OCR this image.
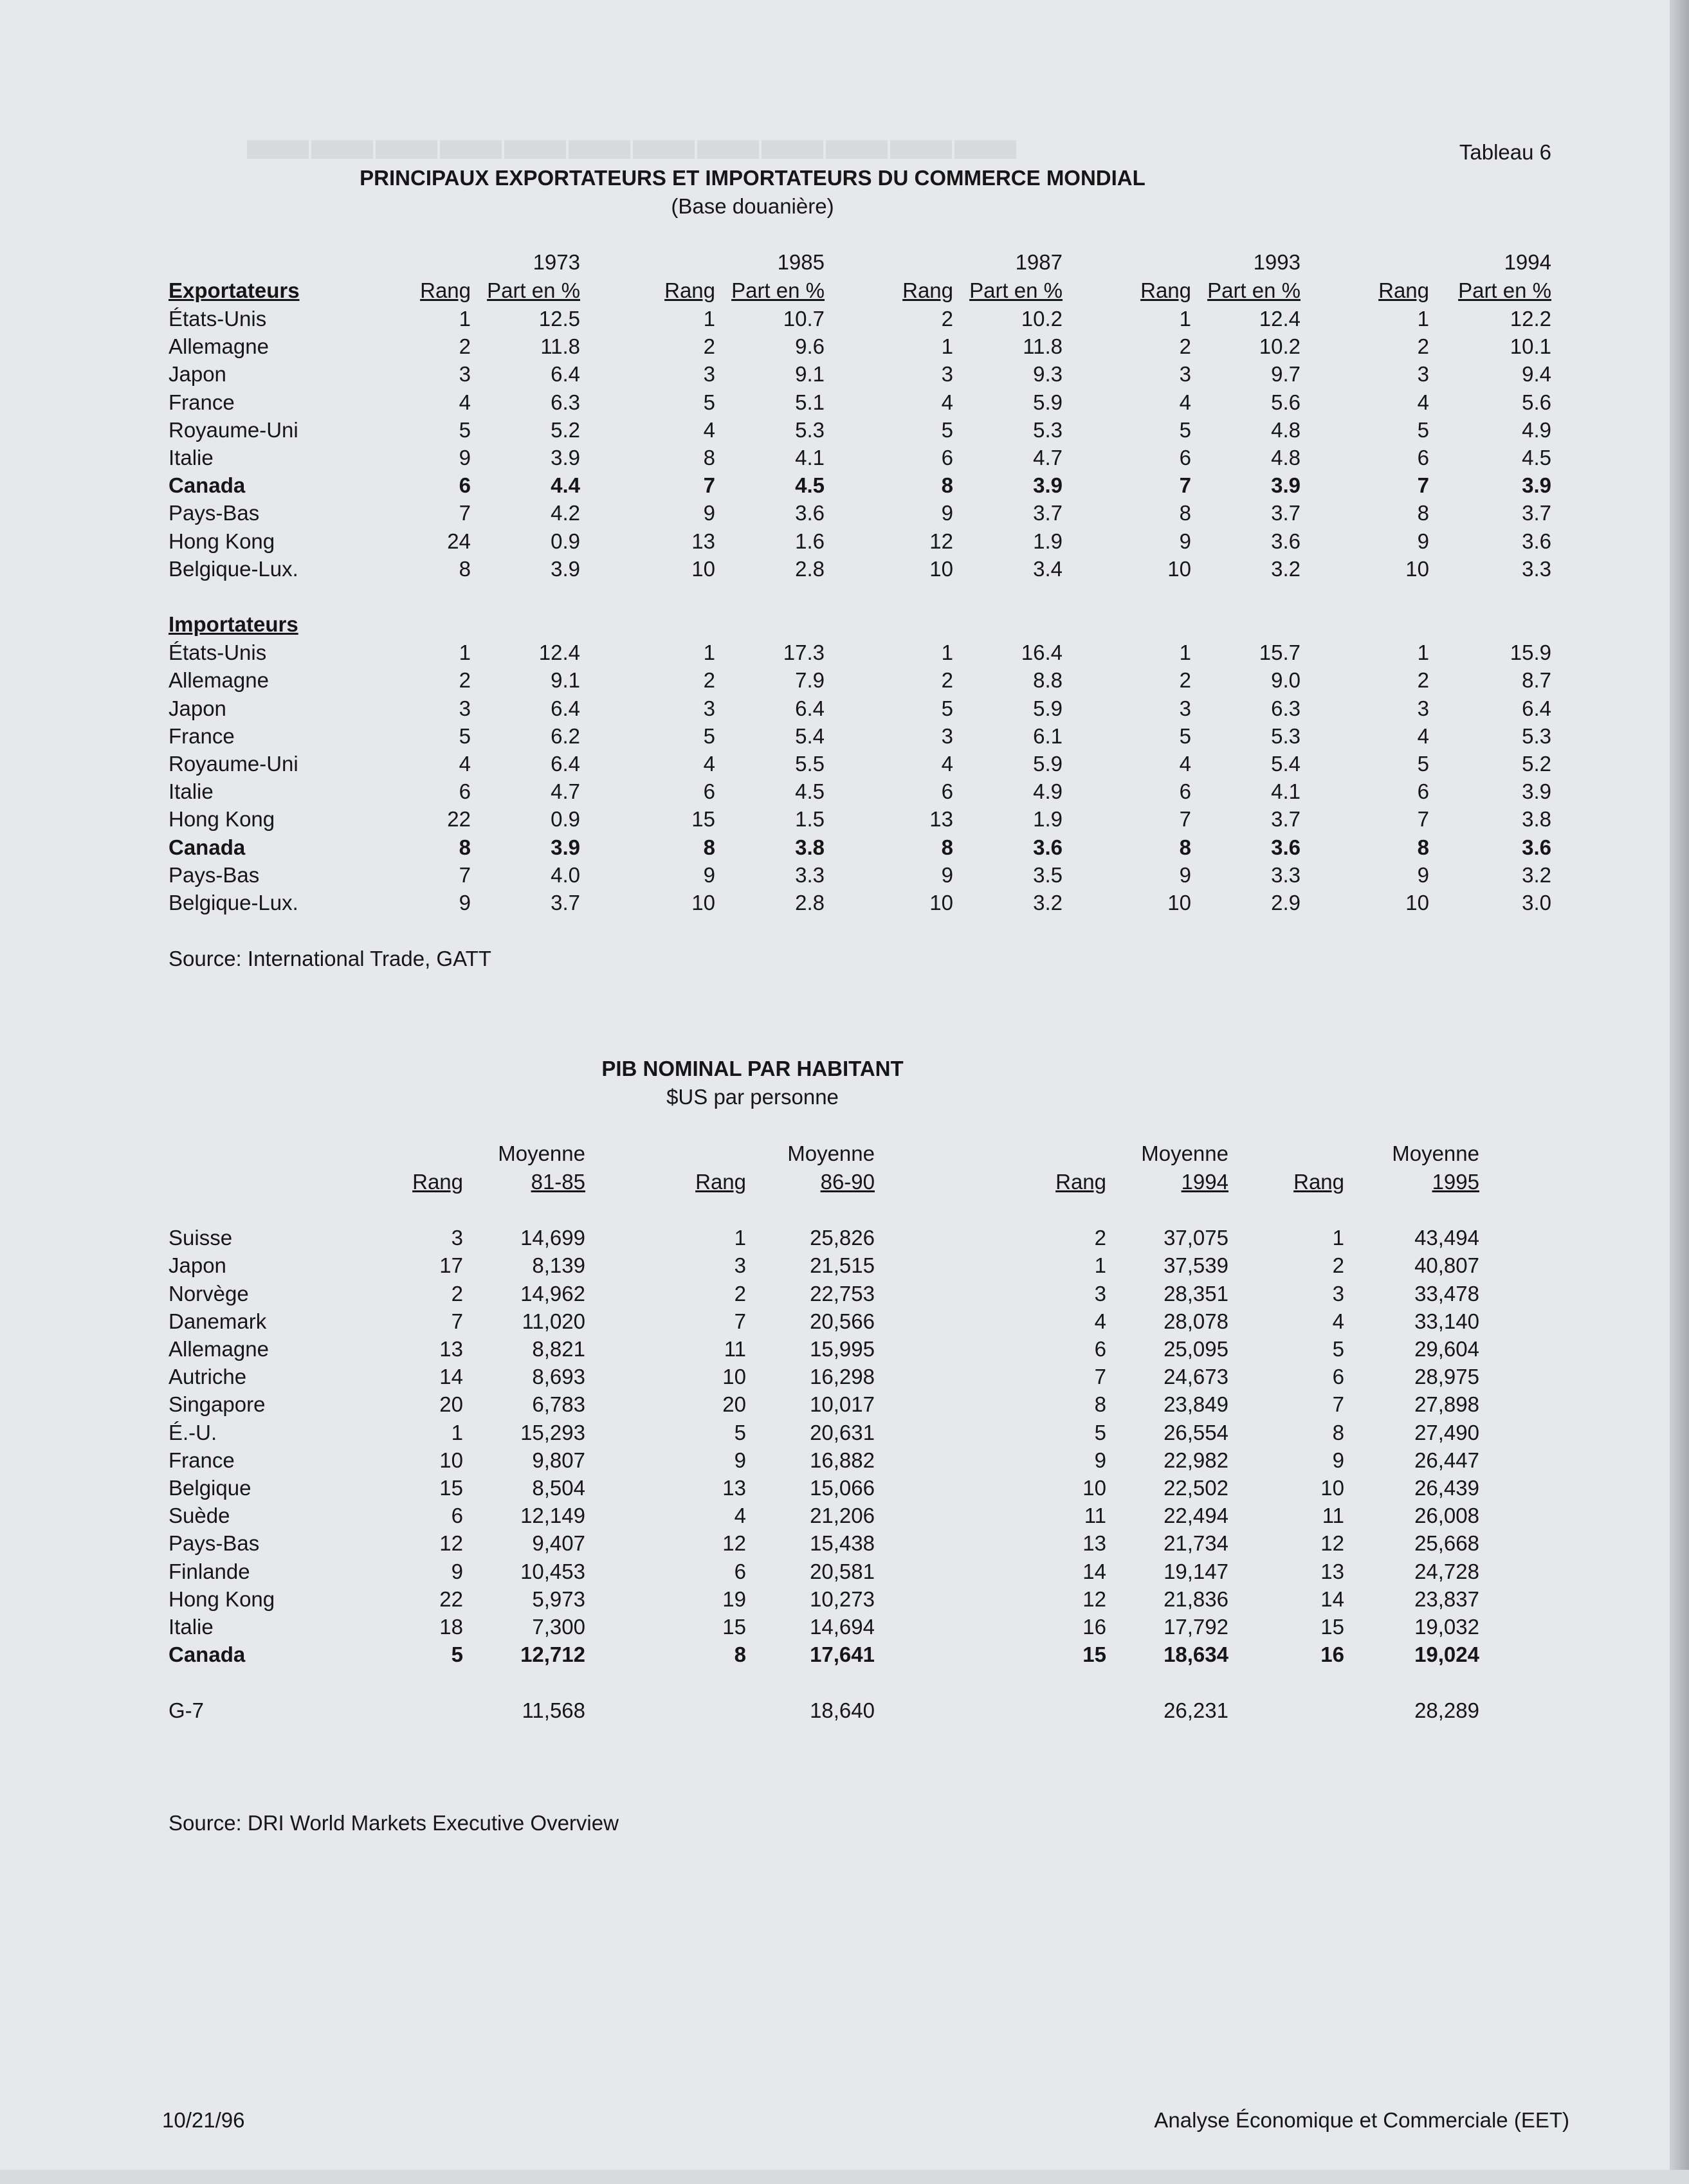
▬▬▬▬▬▬▬▬▬▬▬▬	Tableau 6
PRINCIPAUX EXPORTATEURS ET IMPORTATEURS DU COMMERCE MONDIAL
(Base douanière)
		1973		1985		1987		1993		1994
Exportateurs	Rang	Part en %	Rang	Part en %	Rang	Part en %	Rang	Part en %	Rang	Part en %
États-Unis	1	12.5	1	10.7	2	10.2	1	12.4	1	12.2
Allemagne	2	11.8	2	9.6	1	11.8	2	10.2	2	10.1
Japon	3	6.4	3	9.1	3	9.3	3	9.7	3	9.4
France	4	6.3	5	5.1	4	5.9	4	5.6	4	5.6
Royaume-Uni	5	5.2	4	5.3	5	5.3	5	4.8	5	4.9
Italie	9	3.9	8	4.1	6	4.7	6	4.8	6	4.5
Canada	6	4.4	7	4.5	8	3.9	7	3.9	7	3.9
Pays-Bas	7	4.2	9	3.6	9	3.7	8	3.7	8	3.7
Hong Kong	24	0.9	13	1.6	12	1.9	9	3.6	9	3.6
Belgique-Lux.	8	3.9	10	2.8	10	3.4	10	3.2	10	3.3

Importateurs										
États-Unis	1	12.4	1	17.3	1	16.4	1	15.7	1	15.9
Allemagne	2	9.1	2	7.9	2	8.8	2	9.0	2	8.7
Japon	3	6.4	3	6.4	5	5.9	3	6.3	3	6.4
France	5	6.2	5	5.4	3	6.1	5	5.3	4	5.3
Royaume-Uni	4	6.4	4	5.5	4	5.9	4	5.4	5	5.2
Italie	6	4.7	6	4.5	6	4.9	6	4.1	6	3.9
Hong Kong	22	0.9	15	1.5	13	1.9	7	3.7	7	3.8
Canada	8	3.9	8	3.8	8	3.6	8	3.6	8	3.6
Pays-Bas	7	4.0	9	3.3	9	3.5	9	3.3	9	3.2
Belgique-Lux.	9	3.7	10	2.8	10	3.2	10	2.9	10	3.0
Source: International Trade, GATT
PIB NOMINAL PAR HABITANT
$US par personne
		Moyenne		Moyenne		Moyenne		Moyenne
	Rang	81-85	Rang	86-90	Rang	1994	Rang	1995

Suisse	3	14,699	1	25,826	2	37,075	1	43,494
Japon	17	8,139	3	21,515	1	37,539	2	40,807
Norvège	2	14,962	2	22,753	3	28,351	3	33,478
Danemark	7	11,020	7	20,566	4	28,078	4	33,140
Allemagne	13	8,821	11	15,995	6	25,095	5	29,604
Autriche	14	8,693	10	16,298	7	24,673	6	28,975
Singapore	20	6,783	20	10,017	8	23,849	7	27,898
É.-U.	1	15,293	5	20,631	5	26,554	8	27,490
France	10	9,807	9	16,882	9	22,982	9	26,447
Belgique	15	8,504	13	15,066	10	22,502	10	26,439
Suède	6	12,149	4	21,206	11	22,494	11	26,008
Pays-Bas	12	9,407	12	15,438	13	21,734	12	25,668
Finlande	9	10,453	6	20,581	14	19,147	13	24,728
Hong Kong	22	5,973	19	10,273	12	21,836	14	23,837
Italie	18	7,300	15	14,694	16	17,792	15	19,032
Canada	5	12,712	8	17,641	15	18,634	16	19,024

G-7		11,568		18,640		26,231		28,289
Source: DRI World Markets Executive Overview
10/21/96	Analyse Économique et Commerciale (EET)
